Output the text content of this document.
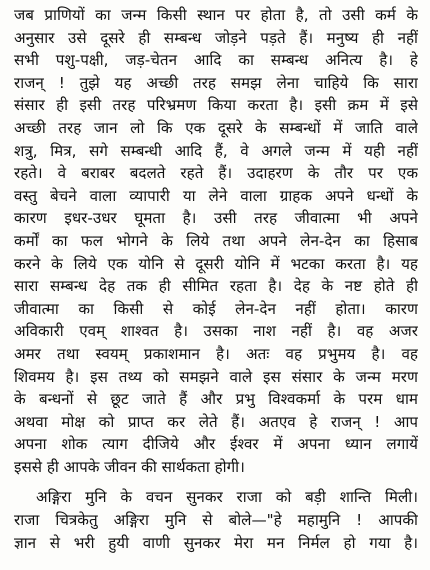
जब प्राणियों का जन्म किसी स्थान पर होता है, तो उसी कर्म के
अनुसार उसे दूसरे ही सम्बन्ध जोड़ने पड़ते हैं। मनुष्य ही नहीं
सभी पशु-पक्षी, जड़-चेतन आदि का सम्बन्ध अनित्य है। हे
राजन् ! तुझे यह अच्छी तरह समझ लेना चाहिये कि सारा
संसार ही इसी तरह परिभ्रमण किया करता है। इसी क्रम में इसे
अच्छी तरह जान लो कि एक दूसरे के सम्बन्धों में जाति वाले
शत्रु, मित्र, सगे सम्बन्धी आदि हैं, वे अगले जन्म में यही नहीं
रहते। वे बराबर बदलते रहते हैं। उदाहरण के तौर पर एक
वस्तु बेचने वाला व्यापारी या लेने वाला ग्राहक अपने धन्धों के
कारण इधर-उधर घूमता है। उसी तरह जीवात्मा भी अपने
कर्मों का फल भोगने के लिये तथा अपने लेन-देन का हिसाब
करने के लिये एक योनि से दूसरी योनि में भटका करता है। यह
सारा सम्बन्ध देह तक ही सीमित रहता है। देह के नष्ट होते ही
जीवात्मा का किसी से कोई लेन-देन नहीं होता। कारण
अविकारी एवम् शाश्वत है। उसका नाश नहीं है। वह अजर
अमर तथा स्वयम् प्रकाशमान है। अतः वह प्रभुमय है। वह
शिवमय है। इस तथ्य को समझने वाले इस संसार के जन्म मरण
के बन्धनों से छूट जाते हैं और प्रभु विश्वकर्मा के परम धाम
अथवा मोक्ष को प्राप्त कर लेते हैं। अतएव हे राजन् ! आप
अपना शोक त्याग दीजिये और ईश्वर में अपना ध्यान लगायें
इससे ही आपके जीवन की सार्थकता होगी।
अङ्गिरा मुनि के वचन सुनकर राजा को बड़ी शान्ति मिली।
राजा चित्रकेतु अङ्गिरा मुनि से बोले—"हे महामुनि ! आपकी
ज्ञान से भरी हुयी वाणी सुनकर मेरा मन निर्मल हो गया है।
